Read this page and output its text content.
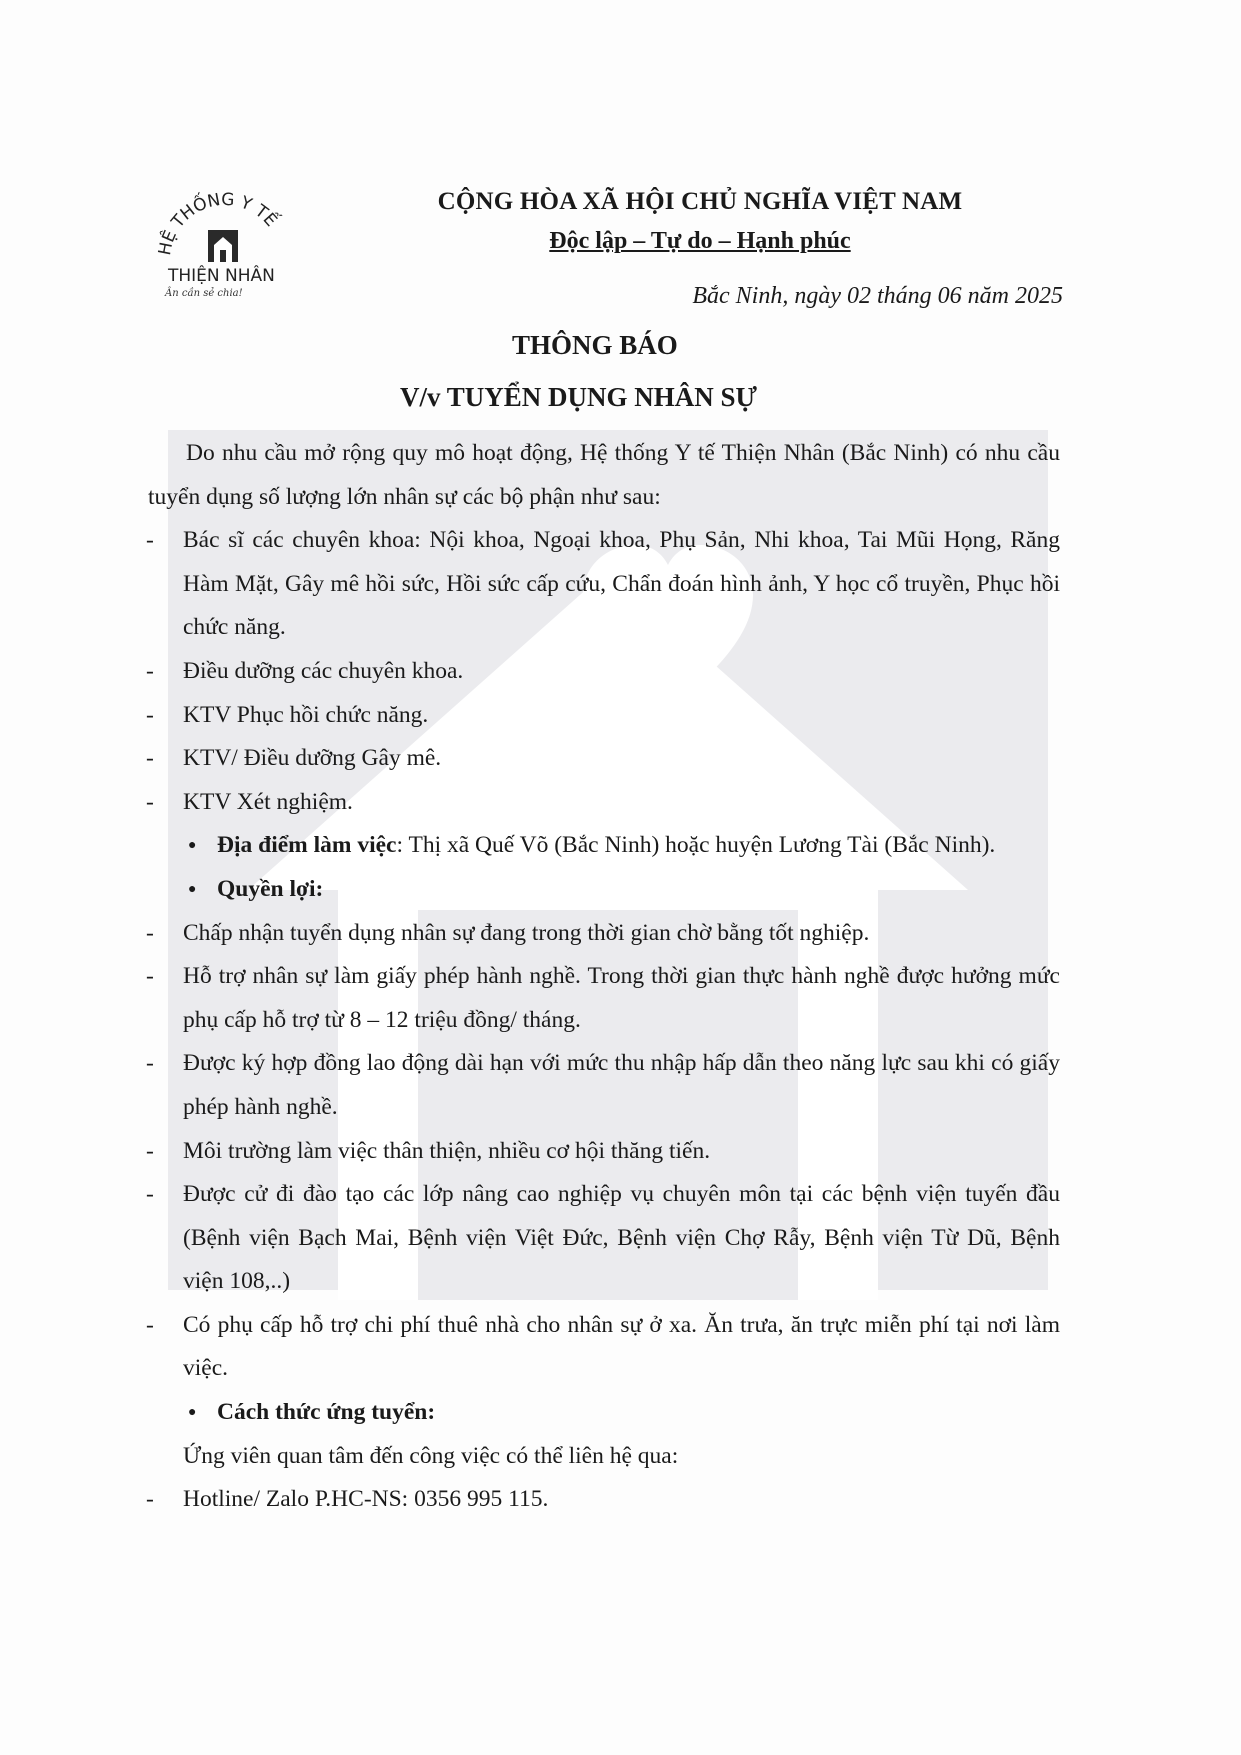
HỆ THỐNG Y TẾ
THIỆN NHÂN
Ân cần sẻ chia!

CỘNG HÒA XÃ HỘI CHỦ NGHĨA VIỆT NAM

Độc lập – Tự do – Hạnh phúc

Bắc Ninh, ngày 02 tháng 06 năm 2025
THÔNG BÁO
V/v TUYỂN DỤNG NHÂN SỰ

Do nhu cầu mở rộng quy mô hoạt động, Hệ thống Y tế Thiện Nhân (Bắc Ninh) có nhu cầu tuyển dụng số lượng lớn nhân sự các bộ phận như sau:

- Bác sĩ các chuyên khoa: Nội khoa, Ngoại khoa, Phụ Sản, Nhi khoa, Tai Mũi Họng, Răng Hàm Mặt, Gây mê hồi sức, Hồi sức cấp cứu, Chẩn đoán hình ảnh, Y học cổ truyền, Phục hồi chức năng.

- Điều dưỡng các chuyên khoa.

- KTV Phục hồi chức năng.

- KTV/ Điều dưỡng Gây mê.

- KTV Xét nghiệm.

● Địa điểm làm việc: Thị xã Quế Võ (Bắc Ninh) hoặc huyện Lương Tài (Bắc Ninh).

● Quyền lợi:

- Chấp nhận tuyển dụng nhân sự đang trong thời gian chờ bằng tốt nghiệp.

- Hỗ trợ nhân sự làm giấy phép hành nghề. Trong thời gian thực hành nghề được hưởng mức phụ cấp hỗ trợ từ 8 – 12 triệu đồng/ tháng.

- Được ký hợp đồng lao động dài hạn với mức thu nhập hấp dẫn theo năng lực sau khi có giấy phép hành nghề.

- Môi trường làm việc thân thiện, nhiều cơ hội thăng tiến.

- Được cử đi đào tạo các lớp nâng cao nghiệp vụ chuyên môn tại các bệnh viện tuyến đầu (Bệnh viện Bạch Mai, Bệnh viện Việt Đức, Bệnh viện Chợ Rẫy, Bệnh viện Từ Dũ, Bệnh viện 108,..)

- Có phụ cấp hỗ trợ chi phí thuê nhà cho nhân sự ở xa. Ăn trưa, ăn trực miễn phí tại nơi làm việc.

● Cách thức ứng tuyển:

Ứng viên quan tâm đến công việc có thể liên hệ qua:

- Hotline/ Zalo P.HC-NS: 0356 995 115.
